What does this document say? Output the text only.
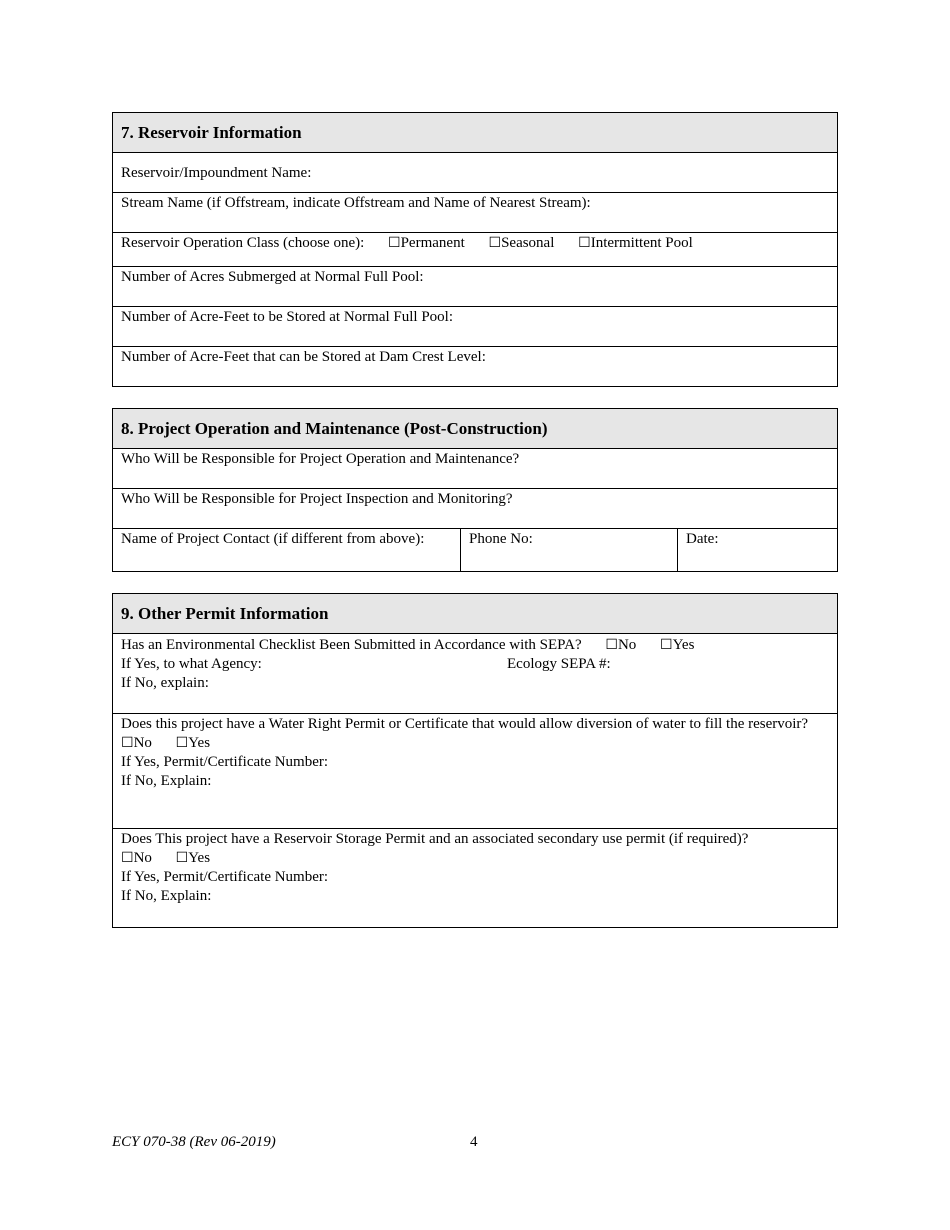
7. Reservoir Information
Reservoir/Impoundment Name:
Stream Name (if Offstream, indicate Offstream and Name of Nearest Stream):
Reservoir Operation Class (choose one): ☐Permanent ☐Seasonal ☐Intermittent Pool
Number of Acres Submerged at Normal Full Pool:
Number of Acre-Feet to be Stored at Normal Full Pool:
Number of Acre-Feet that can be Stored at Dam Crest Level:
8. Project Operation and Maintenance (Post-Construction)
Who Will be Responsible for Project Operation and Maintenance?
Who Will be Responsible for Project Inspection and Monitoring?
Name of Project Contact (if different from above):	Phone No:	Date:
9. Other Permit Information
Has an Environmental Checklist Been Submitted in Accordance with SEPA? ☐No ☐Yes
If Yes, to what Agency:	Ecology SEPA #:
If No, explain:
Does this project have a Water Right Permit or Certificate that would allow diversion of water to fill the reservoir?
☐No ☐Yes
If Yes, Permit/Certificate Number:
If No, Explain:
Does This project have a Reservoir Storage Permit and an associated secondary use permit (if required)?
☐No ☐Yes
If Yes, Permit/Certificate Number:
If No, Explain:
ECY 070-38 (Rev 06-2019)	4
